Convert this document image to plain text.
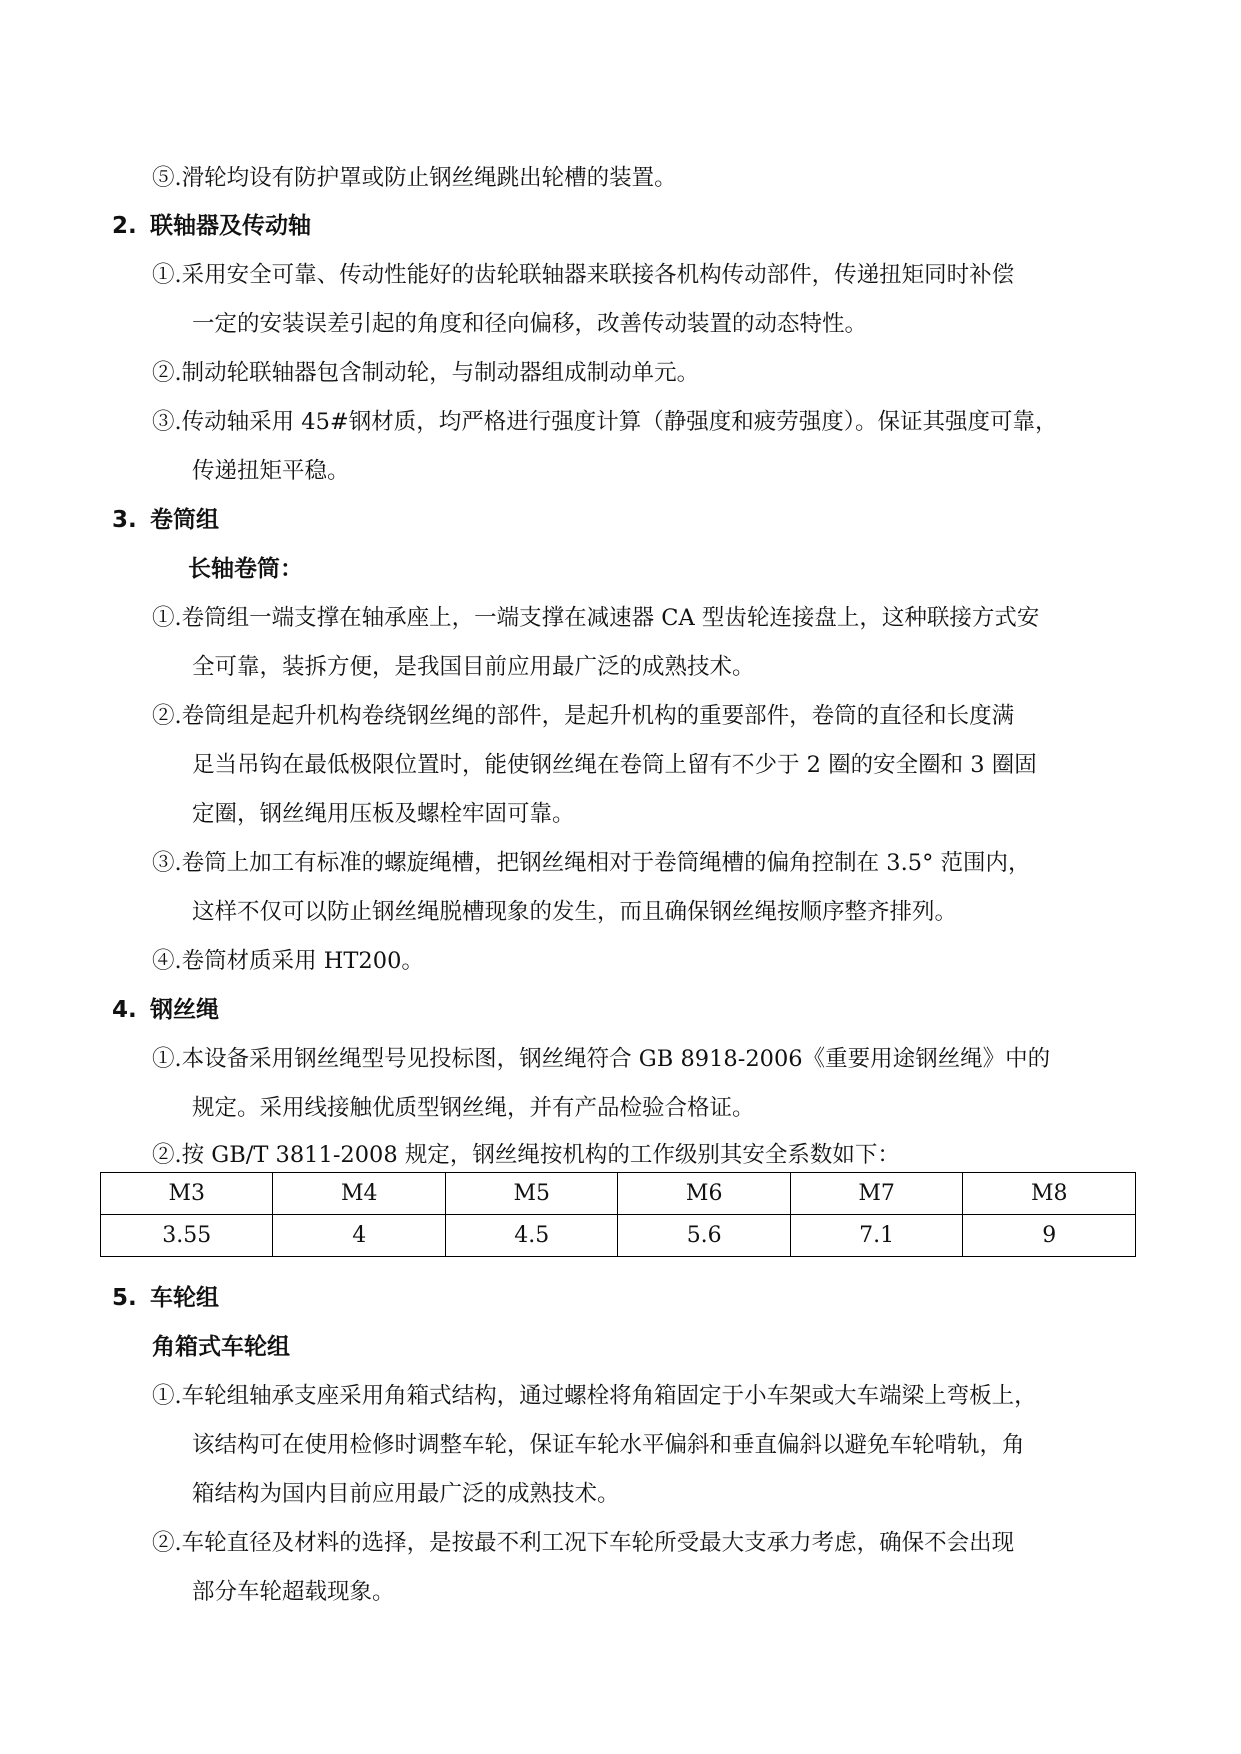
⑤.滑轮均设有防护罩或防止钢丝绳跳出轮槽的装置。
2. 联轴器及传动轴
①.采用安全可靠、传动性能好的齿轮联轴器来联接各机构传动部件，传递扭矩同时补偿
一定的安装误差引起的角度和径向偏移，改善传动装置的动态特性。
②.制动轮联轴器包含制动轮，与制动器组成制动单元。
③.传动轴采用 45#钢材质，均严格进行强度计算（静强度和疲劳强度）。保证其强度可靠，
传递扭矩平稳。
3. 卷筒组
长轴卷筒：
①.卷筒组一端支撑在轴承座上，一端支撑在减速器 CA 型齿轮连接盘上，这种联接方式安
全可靠，装拆方便，是我国目前应用最广泛的成熟技术。
②.卷筒组是起升机构卷绕钢丝绳的部件，是起升机构的重要部件，卷筒的直径和长度满
足当吊钩在最低极限位置时，能使钢丝绳在卷筒上留有不少于 2 圈的安全圈和 3 圈固
定圈，钢丝绳用压板及螺栓牢固可靠。
③.卷筒上加工有标准的螺旋绳槽，把钢丝绳相对于卷筒绳槽的偏角控制在 3.5° 范围内，
这样不仅可以防止钢丝绳脱槽现象的发生，而且确保钢丝绳按顺序整齐排列。
④.卷筒材质采用 HT200。
4. 钢丝绳
①.本设备采用钢丝绳型号见投标图，钢丝绳符合 GB 8918-2006《重要用途钢丝绳》中的
规定。采用线接触优质型钢丝绳，并有产品检验合格证。
②.按 GB/T 3811-2008 规定，钢丝绳按机构的工作级别其安全系数如下：
M3	M4	M5	M6	M7	M8
3.55	4	4.5	5.6	7.1	9
5. 车轮组
角箱式车轮组
①.车轮组轴承支座采用角箱式结构，通过螺栓将角箱固定于小车架或大车端梁上弯板上，
该结构可在使用检修时调整车轮，保证车轮水平偏斜和垂直偏斜以避免车轮啃轨，角
箱结构为国内目前应用最广泛的成熟技术。
②.车轮直径及材料的选择，是按最不利工况下车轮所受最大支承力考虑，确保不会出现
部分车轮超载现象。
